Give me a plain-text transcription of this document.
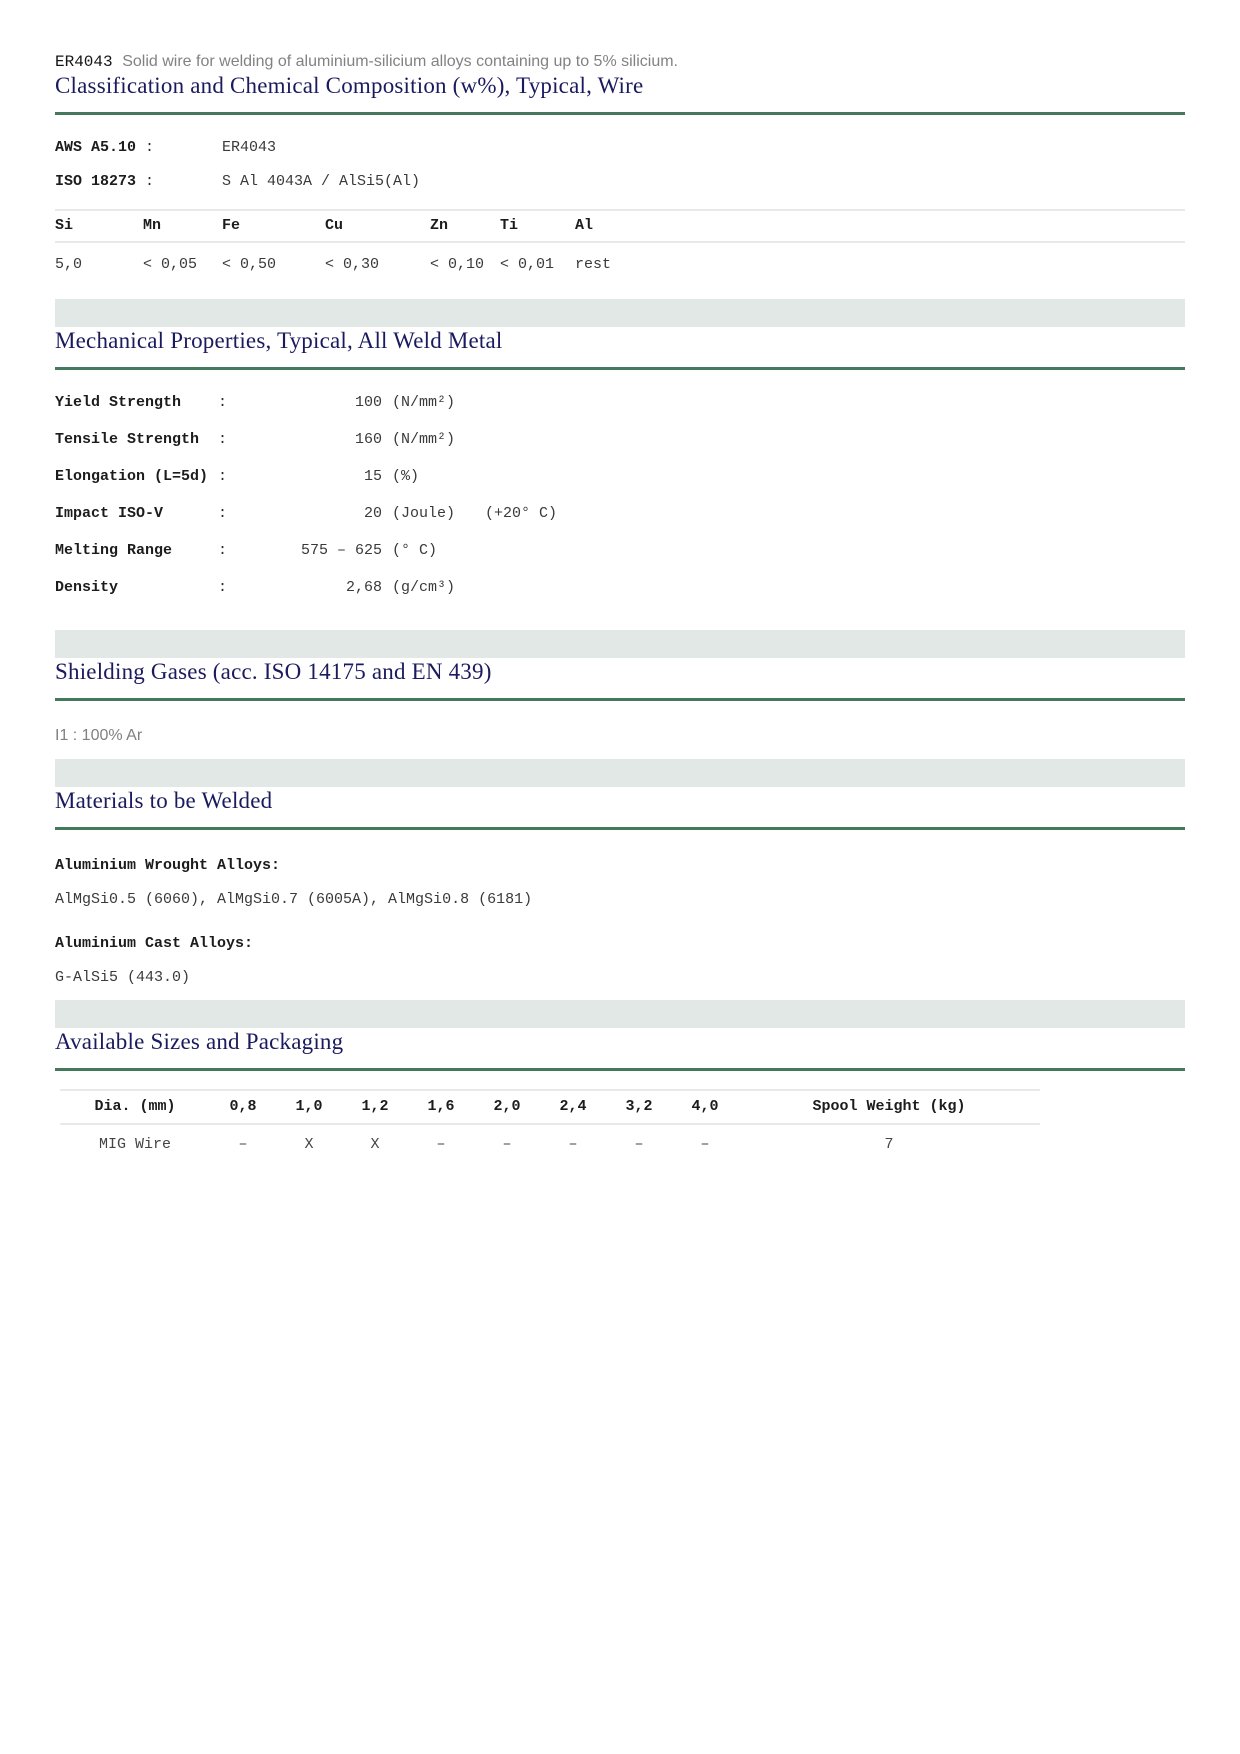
ER4043 Solid wire for welding of aluminium-silicium alloys containing up to 5% silicium.

Classification and Chemical Composition (w%), Typical, Wire
AWS A5.10 :	ER4043
ISO 18273 :	S Al 4043A / AlSi5(Al)
Si	Mn	Fe	Cu	Zn	Ti	Al
5,0	< 0,05	< 0,50	< 0,30	< 0,10	< 0,01	rest
Mechanical Properties, Typical, All Weld Metal
Yield Strength	:	100 (N/mm²)
Tensile Strength	:	160 (N/mm²)
Elongation (L=5d) :	15 (%)
Impact ISO-V	:	20 (Joule) (+20° C)
Melting Range	:	575 – 625 (° C)
Density	:	2,68 (g/cm³)
Shielding Gases (acc. ISO 14175 and EN 439)
I1 : 100% Ar
Materials to be Welded
Aluminium Wrought Alloys:
AlMgSi0.5 (6060), AlMgSi0.7 (6005A), AlMgSi0.8 (6181)
Aluminium Cast Alloys:
G-AlSi5 (443.0)
Available Sizes and Packaging
Dia. (mm)	0,8	1,0	1,2	1,6	2,0	2,4	3,2	4,0	Spool Weight (kg)
MIG Wire	–	X	X	–	–	–	–	–	7
